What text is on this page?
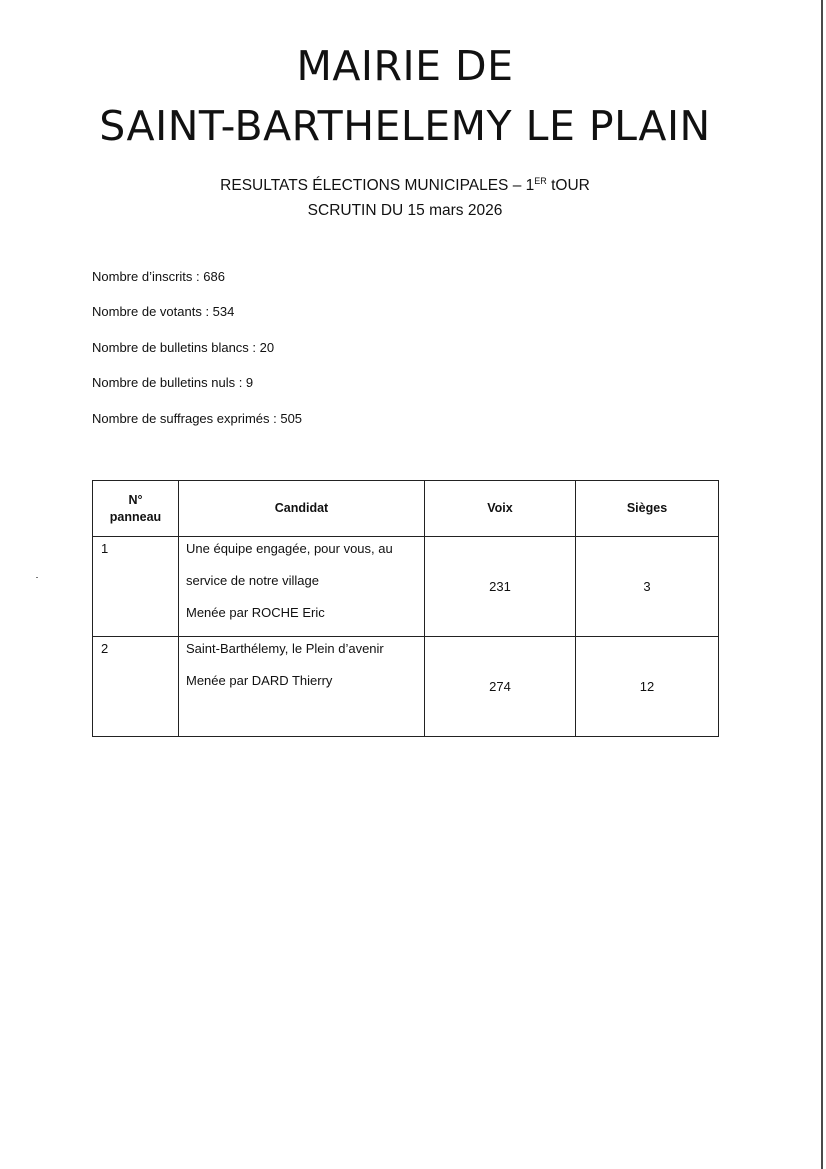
MAIRIE DE
SAINT-BARTHELEMY LE PLAIN
RESULTATS ÉLECTIONS MUNICIPALES – 1ER tOUR
SCRUTIN DU 15 mars 2026
Nombre d’inscrits : 686
Nombre de votants : 534
Nombre de bulletins blancs : 20
Nombre de bulletins nuls : 9
Nombre de suffrages exprimés : 505
N°
panneau	Candidat	Voix	Sièges
1	Une équipe engagée, pour vous, au
service de notre village
Menée par ROCHE Eric	231	3
2	Saint-Barthélemy, le Plein d’avenir
Menée par DARD Thierry	274	12
